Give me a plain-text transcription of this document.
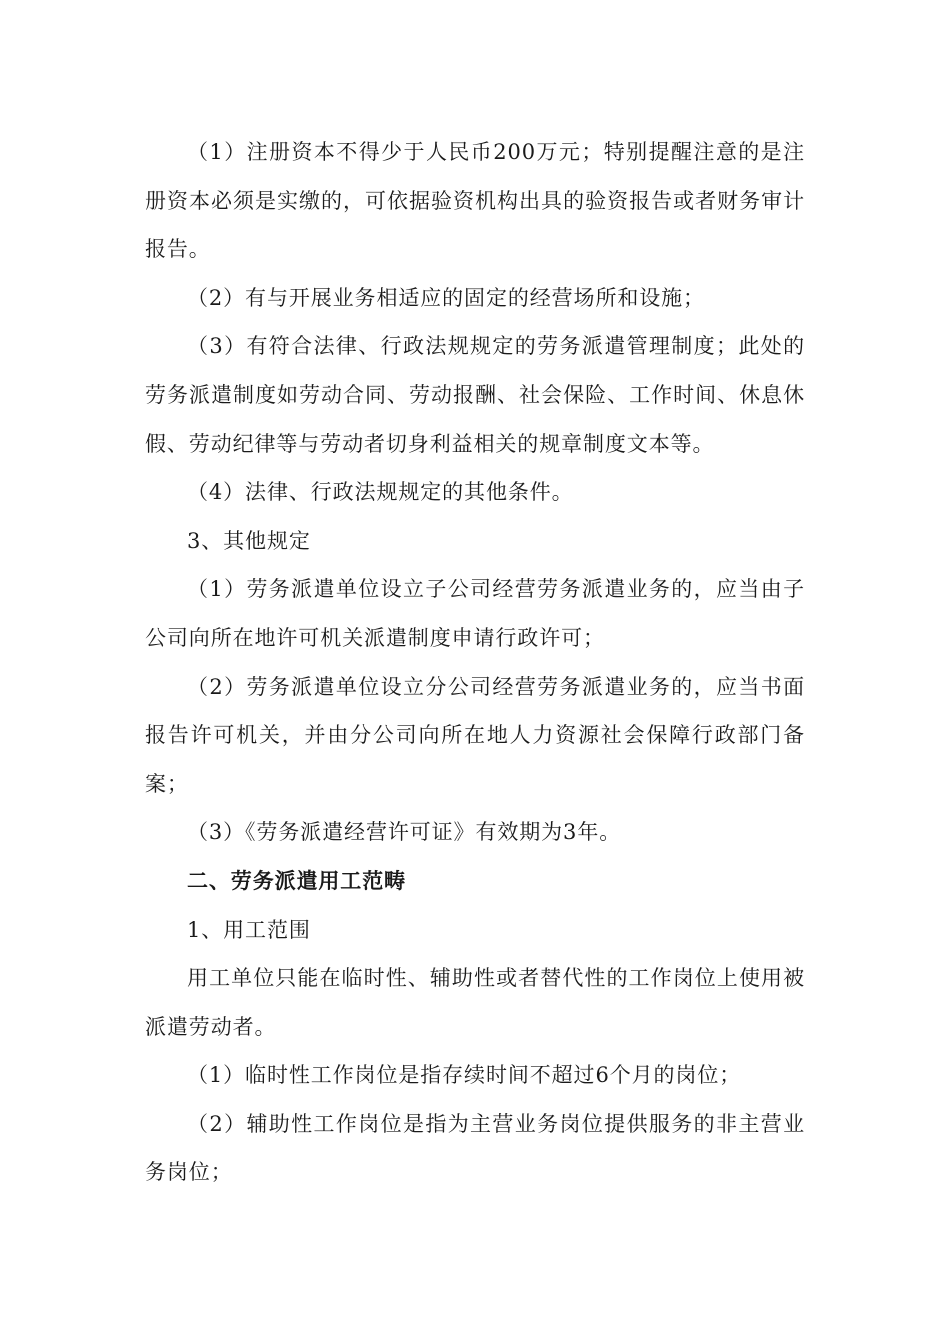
（1）注册资本不得少于人民币200万元；特别提醒注意的是注册资本必须是实缴的，可依据验资机构出具的验资报告或者财务审计报告。

（2）有与开展业务相适应的固定的经营场所和设施；

（3）有符合法律、行政法规规定的劳务派遣管理制度；此处的劳务派遣制度如劳动合同、劳动报酬、社会保险、工作时间、休息休假、劳动纪律等与劳动者切身利益相关的规章制度文本等。

（4）法律、行政法规规定的其他条件。

3、其他规定

（1）劳务派遣单位设立子公司经营劳务派遣业务的，应当由子公司向所在地许可机关派遣制度申请行政许可；

（2）劳务派遣单位设立分公司经营劳务派遣业务的，应当书面报告许可机关，并由分公司向所在地人力资源社会保障行政部门备案；

（3）《劳务派遣经营许可证》有效期为3年。

二、劳务派遣用工范畴

1、用工范围

用工单位只能在临时性、辅助性或者替代性的工作岗位上使用被派遣劳动者。

（1）临时性工作岗位是指存续时间不超过6个月的岗位；

（2）辅助性工作岗位是指为主营业务岗位提供服务的非主营业务岗位；
